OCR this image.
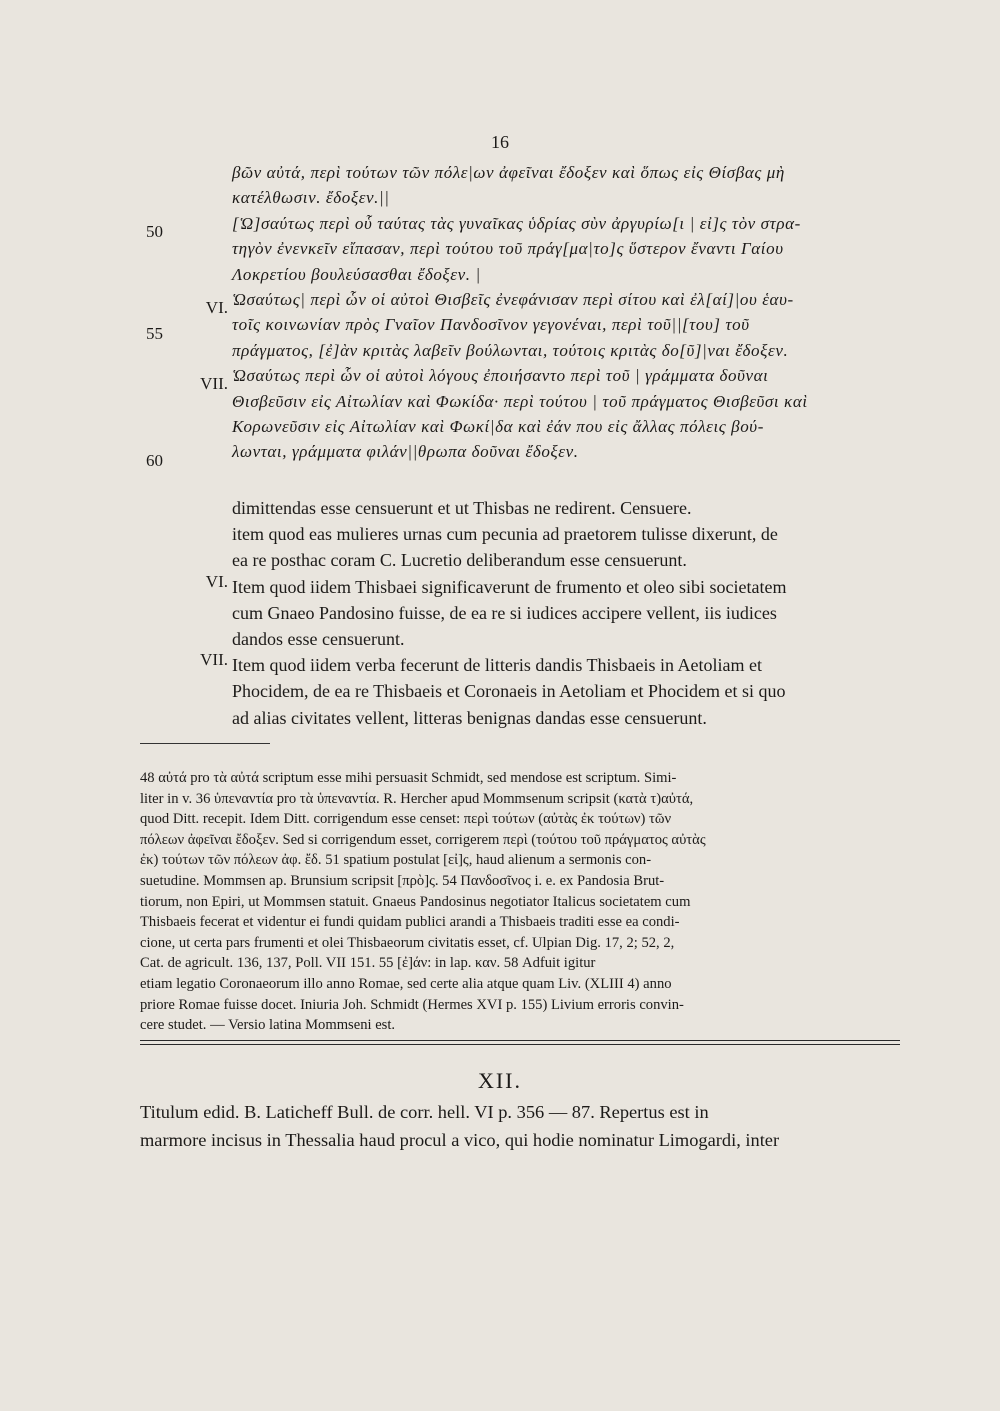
16
βῶν αὐτά, περὶ τούτων τῶν πόλε|ων ἀφεῖναι ἔδοξεν καὶ ὅπως εἰς Θίσβας μὴ
κατέλθωσιν. ἔδοξεν.||
[Ὡ]σαύτως περὶ οὗ ταύτας τὰς γυναῖκας ὑδρίας σὺν ἀργυρίω[ι | εἰ]ς τὸν στρα-
τηγὸν ἐνενκεῖν εἴπασαν, περὶ τούτου τοῦ πράγ[μα|το]ς ὕστερον ἔναντι Γαίου
Λοκρετίου βουλεύσασθαι ἔδοξεν. |
Ὡσαύτως| περὶ ὧν οἱ αὐτοὶ Θισβεῖς ἐνεφάνισαν περὶ σίτου καὶ ἐλ[αί]|ου ἑαυ-
τοῖς κοινωνίαν πρὸς Γναῖον Πανδοσῖνον γεγονέναι, περὶ τοῦ||[του] τοῦ
πράγματος, [ἐ]ὰν κριτὰς λαβεῖν βούλωνται, τούτοις κριτὰς δο[ῦ]|ναι ἔδοξεν.
Ὡσαύτως περὶ ὧν οἱ αὐτοὶ λόγους ἐποιήσαντο περὶ τοῦ | γράμματα δοῦναι
Θισβεῦσιν εἰς Αἰτωλίαν καὶ Φωκίδα· περὶ τούτου | τοῦ πράγματος Θισβεῦσι καὶ
Κορωνεῦσιν εἰς Αἰτωλίαν καὶ Φωκί|δα καὶ ἐάν που εἰς ἄλλας πόλεις βού-
λωνται, γράμματα φιλάν||θρωπα δοῦναι ἔδοξεν.
50
55
60
VI.
VII.
dimittendas esse censuerunt et ut Thisbas ne redirent. Censuere.
item quod eas mulieres urnas cum pecunia ad praetorem tulisse dixerunt, de
ea re posthac coram C. Lucretio deliberandum esse censuerunt.
Item quod iidem Thisbaei significaverunt de frumento et oleo sibi societatem
cum Gnaeo Pandosino fuisse, de ea re si iudices accipere vellent, iis iudices
dandos esse censuerunt.
Item quod iidem verba fecerunt de litteris dandis Thisbaeis in Aetoliam et
Phocidem, de ea re Thisbaeis et Coronaeis in Aetoliam et Phocidem et si quo
ad alias civitates vellent, litteras benignas dandas esse censuerunt.
VI.
VII.
48 αὐτά pro τὰ αὐτά scriptum esse mihi persuasit Schmidt, sed mendose est scriptum. Simi-
liter in v. 36 ὑπεναντία pro τὰ ὑπεναντία. R. Hercher apud Mommsenum scripsit (κατὰ τ)αὐτά,
quod Ditt. recepit. Idem Ditt. corrigendum esse censet: περὶ τούτων (αὐτὰς ἐκ τούτων) τῶν
πόλεων ἀφεῖναι ἔδοξεν. Sed si corrigendum esset, corrigerem περὶ (τούτου τοῦ πράγματος αὐτὰς
ἐκ) τούτων τῶν πόλεων ἀφ. ἔδ. 51 spatium postulat [εἰ]ς, haud alienum a sermonis con-
suetudine. Mommsen ap. Brunsium scripsit [πρὸ]ς. 54 Πανδοσῖνος i. e. ex Pandosia Brut-
tiorum, non Epiri, ut Mommsen statuit. Gnaeus Pandosinus negotiator Italicus societatem cum
Thisbaeis fecerat et videntur ei fundi quidam publici arandi a Thisbaeis traditi esse ea condi-
cione, ut certa pars frumenti et olei Thisbaeorum civitatis esset, cf. Ulpian Dig. 17, 2; 52, 2,
Cat. de agricult. 136, 137, Poll. VII 151. 55 [ἐ]άν: in lap. καν. 58 Adfuit igitur
etiam legatio Coronaeorum illo anno Romae, sed certe alia atque quam Liv. (XLIII 4) anno
priore Romae fuisse docet. Iniuria Joh. Schmidt (Hermes XVI p. 155) Livium erroris convin-
cere studet. — Versio latina Mommseni est.
XII.
Titulum edid. B. Laticheff Bull. de corr. hell. VI p. 356 — 87. Repertus est in
marmore incisus in Thessalia haud procul a vico, qui hodie nominatur Limogardi, inter
